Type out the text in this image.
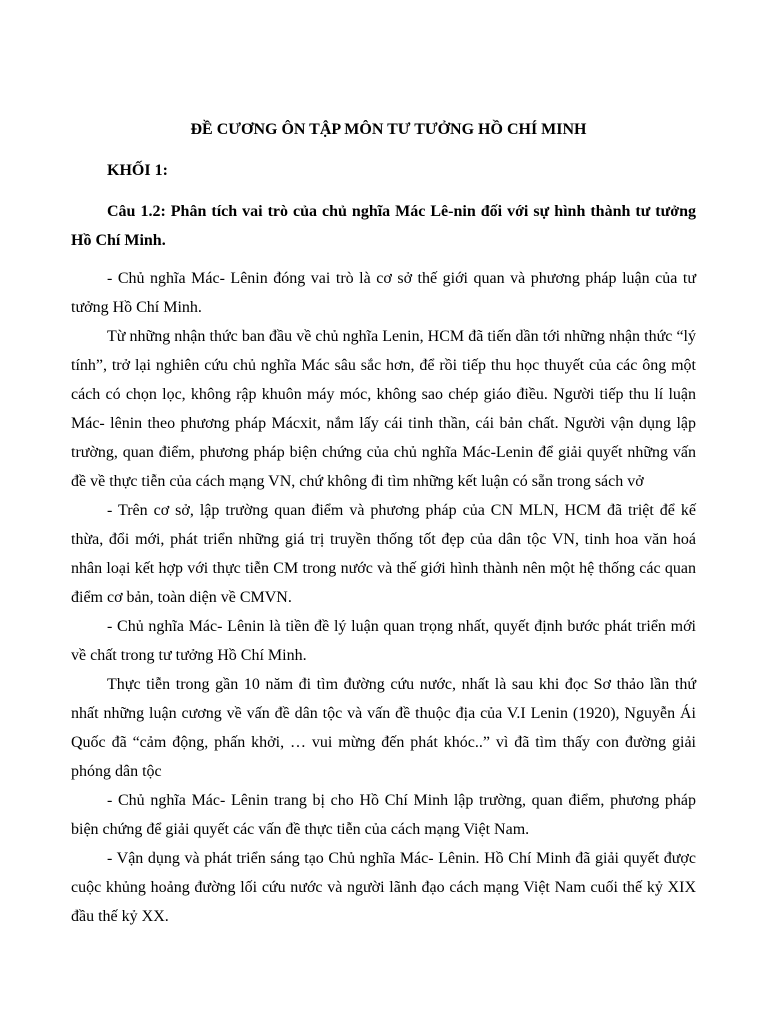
ĐỀ CƯƠNG ÔN TẬP MÔN TƯ TƯỞNG HỒ CHÍ MINH

KHỐI 1:

Câu 1.2: Phân tích vai trò của chủ nghĩa Mác Lê-nin đối với sự hình thành tư tưởng Hồ Chí Minh.

- Chủ nghĩa Mác- Lênin đóng vai trò là cơ sở thế giới quan và phương pháp luận của tư tưởng Hồ Chí Minh.

Từ những nhận thức ban đầu về chủ nghĩa Lenin, HCM đã tiến dần tới những nhận thức “lý tính”, trở lại nghiên cứu chủ nghĩa Mác sâu sắc hơn, để rồi tiếp thu học thuyết của các ông một cách có chọn lọc, không rập khuôn máy móc, không sao chép giáo điều. Người tiếp thu lí luận Mác- lênin theo phương pháp Mácxit, nắm lấy cái tinh thần, cái bản chất. Người vận dụng lập trường, quan điểm, phương pháp biện chứng của chủ nghĩa Mác-Lenin để giải quyết những vấn đề về thực tiễn của cách mạng VN, chứ không đi tìm những kết luận có sẵn trong sách vở

- Trên cơ sở, lập trường quan điểm và phương pháp của CN MLN, HCM đã triệt để kế thừa, đổi mới, phát triển những giá trị truyền thống tốt đẹp của dân tộc VN, tinh hoa văn hoá nhân loại kết hợp với thực tiễn CM trong nước và thế giới hình thành nên một hệ thống các quan điểm cơ bản, toàn diện về CMVN.

- Chủ nghĩa Mác- Lênin là tiền đề lý luận quan trọng nhất, quyết định bước phát triển mới về chất trong tư tưởng Hồ Chí Minh.

Thực tiễn trong gần 10 năm đi tìm đường cứu nước, nhất là sau khi đọc Sơ thảo lần thứ nhất những luận cương về vấn đề dân tộc và vấn đề thuộc địa của V.I Lenin (1920), Nguyễn Ái Quốc đã “cảm động, phấn khởi, … vui mừng đến phát khóc..” vì đã tìm thấy con đường giải phóng dân tộc

- Chủ nghĩa Mác- Lênin trang bị cho Hồ Chí Minh lập trường, quan điểm, phương pháp biện chứng để giải quyết các vấn đề thực tiễn của cách mạng Việt Nam.

- Vận dụng và phát triển sáng tạo Chủ nghĩa Mác- Lênin. Hồ Chí Minh đã giải quyết được cuộc khủng hoảng đường lối cứu nước và người lãnh đạo cách mạng Việt Nam cuối thế kỷ XIX đầu thế kỷ XX.
